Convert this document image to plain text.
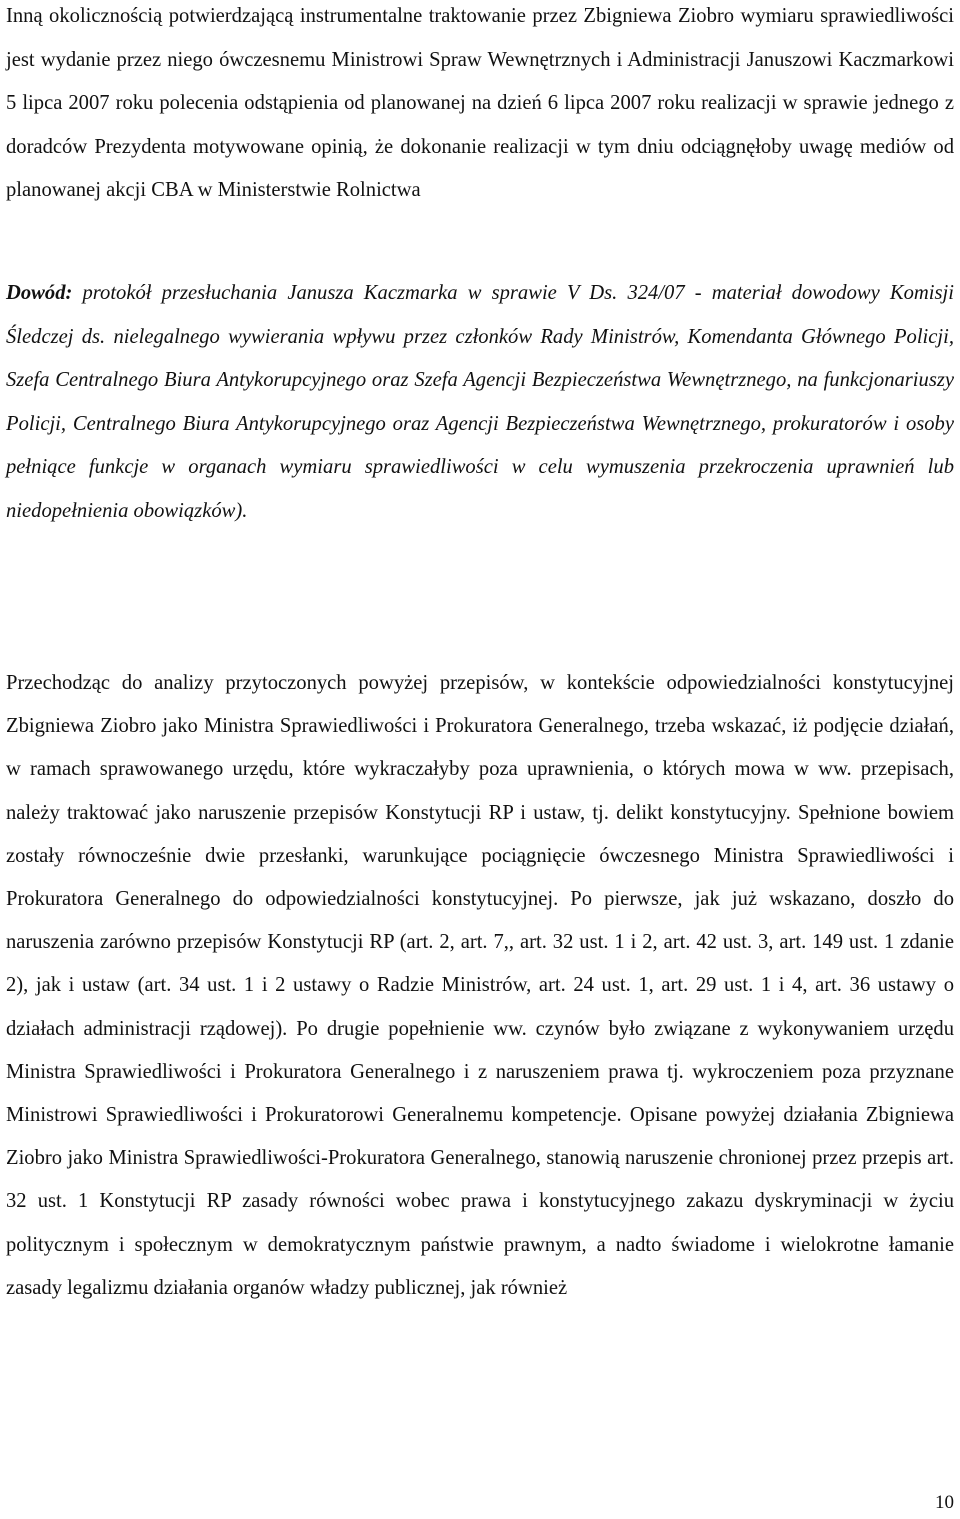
Inną okolicznością potwierdzającą instrumentalne traktowanie przez Zbigniewa Ziobro wymiaru sprawiedliwości jest wydanie przez niego ówczesnemu Ministrowi Spraw Wewnętrznych i Administracji Januszowi Kaczmarkowi 5 lipca 2007 roku polecenia odstąpienia od planowanej na dzień 6 lipca 2007 roku realizacji w sprawie jednego z doradców Prezydenta motywowane opinią, że dokonanie realizacji w tym dniu odciągnęłoby uwagę mediów od planowanej akcji CBA w Ministerstwie Rolnictwa

Dowód: protokół przesłuchania Janusza Kaczmarka w sprawie V Ds. 324/07 - materiał dowodowy Komisji Śledczej ds. nielegalnego wywierania wpływu przez członków Rady Ministrów, Komendanta Głównego Policji, Szefa Centralnego Biura Antykorupcyjnego oraz Szefa Agencji Bezpieczeństwa Wewnętrznego, na funkcjonariuszy Policji, Centralnego Biura Antykorupcyjnego oraz Agencji Bezpieczeństwa Wewnętrznego, prokuratorów i osoby pełniące funkcje w organach wymiaru sprawiedliwości w celu wymuszenia przekroczenia uprawnień lub niedopełnienia obowiązków).

Przechodząc do analizy przytoczonych powyżej przepisów, w kontekście odpowiedzialności konstytucyjnej Zbigniewa Ziobro jako Ministra Sprawiedliwości i Prokuratora Generalnego, trzeba wskazać, iż podjęcie działań, w ramach sprawowanego urzędu, które wykraczałyby poza uprawnienia, o których mowa w ww. przepisach, należy traktować jako naruszenie przepisów Konstytucji RP i ustaw, tj. delikt konstytucyjny. Spełnione bowiem zostały równocześnie dwie przesłanki, warunkujące pociągnięcie ówczesnego Ministra Sprawiedliwości i Prokuratora Generalnego do odpowiedzialności konstytucyjnej. Po pierwsze, jak już wskazano, doszło do naruszenia zarówno przepisów Konstytucji RP (art. 2, art. 7,, art. 32 ust. 1 i 2, art. 42 ust. 3, art. 149 ust. 1 zdanie 2), jak i ustaw (art. 34 ust. 1 i 2 ustawy o Radzie Ministrów, art. 24 ust. 1, art. 29 ust. 1 i 4, art. 36 ustawy o działach administracji rządowej). Po drugie popełnienie ww. czynów było związane z wykonywaniem urzędu Ministra Sprawiedliwości i Prokuratora Generalnego i z naruszeniem prawa tj. wykroczeniem poza przyznane Ministrowi Sprawiedliwości i Prokuratorowi Generalnemu kompetencje. Opisane powyżej działania Zbigniewa Ziobro jako Ministra Sprawiedliwości-Prokuratora Generalnego, stanowią naruszenie chronionej przez przepis art. 32 ust. 1 Konstytucji RP zasady równości wobec prawa i konstytucyjnego zakazu dyskryminacji w życiu politycznym i społecznym w demokratycznym państwie prawnym, a nadto świadome i wielokrotne łamanie zasady legalizmu działania organów władzy publicznej, jak również

10
